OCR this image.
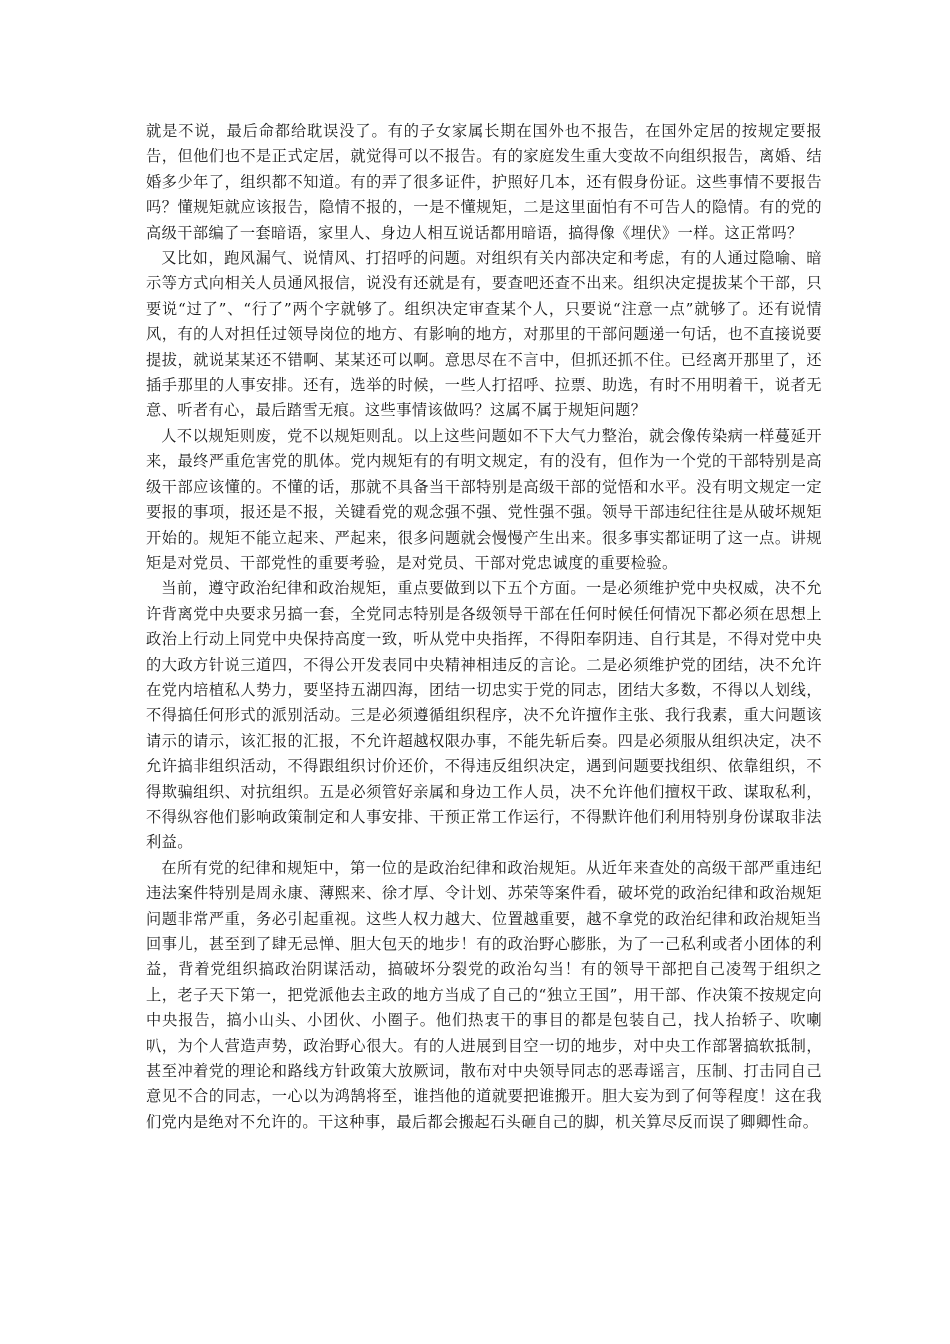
就是不说，最后命都给耽误没了。有的子女家属长期在国外也不报告，在国外定居的按规定要报告，但他们也不是正式定居，就觉得可以不报告。有的家庭发生重大变故不向组织报告，离婚、结婚多少年了，组织都不知道。有的弄了很多证件，护照好几本，还有假身份证。这些事情不要报告吗？懂规矩就应该报告，隐情不报的，一是不懂规矩，二是这里面怕有不可告人的隐情。有的党的高级干部编了一套暗语，家里人、身边人相互说话都用暗语，搞得像《埋伏》一样。这正常吗？

又比如，跑风漏气、说情风、打招呼的问题。对组织有关内部决定和考虑，有的人通过隐喻、暗示等方式向相关人员通风报信，说没有还就是有，要查吧还查不出来。组织决定提拔某个干部，只要说“过了”、“行了”两个字就够了。组织决定审查某个人，只要说“注意一点”就够了。还有说情风，有的人对担任过领导岗位的地方、有影响的地方，对那里的干部问题递一句话，也不直接说要提拔，就说某某还不错啊、某某还可以啊。意思尽在不言中，但抓还抓不住。已经离开那里了，还插手那里的人事安排。还有，选举的时候，一些人打招呼、拉票、助选，有时不用明着干，说者无意、听者有心，最后踏雪无痕。这些事情该做吗？这属不属于规矩问题？

人不以规矩则废，党不以规矩则乱。以上这些问题如不下大气力整治，就会像传染病一样蔓延开来，最终严重危害党的肌体。党内规矩有的有明文规定，有的没有，但作为一个党的干部特别是高级干部应该懂的。不懂的话，那就不具备当干部特别是高级干部的觉悟和水平。没有明文规定一定要报的事项，报还是不报，关键看党的观念强不强、党性强不强。领导干部违纪往往是从破坏规矩开始的。规矩不能立起来、严起来，很多问题就会慢慢产生出来。很多事实都证明了这一点。讲规矩是对党员、干部党性的重要考验，是对党员、干部对党忠诚度的重要检验。

当前，遵守政治纪律和政治规矩，重点要做到以下五个方面。一是必须维护党中央权威，决不允许背离党中央要求另搞一套，全党同志特别是各级领导干部在任何时候任何情况下都必须在思想上政治上行动上同党中央保持高度一致，听从党中央指挥，不得阳奉阴违、自行其是，不得对党中央的大政方针说三道四，不得公开发表同中央精神相违反的言论。二是必须维护党的团结，决不允许在党内培植私人势力，要坚持五湖四海，团结一切忠实于党的同志，团结大多数，不得以人划线，不得搞任何形式的派别活动。三是必须遵循组织程序，决不允许擅作主张、我行我素，重大问题该请示的请示，该汇报的汇报，不允许超越权限办事，不能先斩后奏。四是必须服从组织决定，决不允许搞非组织活动，不得跟组织讨价还价，不得违反组织决定，遇到问题要找组织、依靠组织，不得欺骗组织、对抗组织。五是必须管好亲属和身边工作人员，决不允许他们擅权干政、谋取私利，不得纵容他们影响政策制定和人事安排、干预正常工作运行，不得默许他们利用特别身份谋取非法利益。

在所有党的纪律和规矩中，第一位的是政治纪律和政治规矩。从近年来查处的高级干部严重违纪违法案件特别是周永康、薄熙来、徐才厚、令计划、苏荣等案件看，破坏党的政治纪律和政治规矩问题非常严重，务必引起重视。这些人权力越大、位置越重要，越不拿党的政治纪律和政治规矩当回事儿，甚至到了肆无忌惮、胆大包天的地步！有的政治野心膨胀，为了一己私利或者小团体的利益，背着党组织搞政治阴谋活动，搞破坏分裂党的政治勾当！有的领导干部把自己凌驾于组织之上，老子天下第一，把党派他去主政的地方当成了自己的“独立王国”，用干部、作决策不按规定向中央报告，搞小山头、小团伙、小圈子。他们热衷干的事目的都是包装自己，找人抬轿子、吹喇叭，为个人营造声势，政治野心很大。有的人进展到目空一切的地步，对中央工作部署搞软抵制，甚至冲着党的理论和路线方针政策大放厥词，散布对中央领导同志的恶毒谣言，压制、打击同自己意见不合的同志，一心以为鸿鹄将至，谁挡他的道就要把谁搬开。胆大妄为到了何等程度！这在我们党内是绝对不允许的。干这种事，最后都会搬起石头砸自己的脚，机关算尽反而误了卿卿性命。
